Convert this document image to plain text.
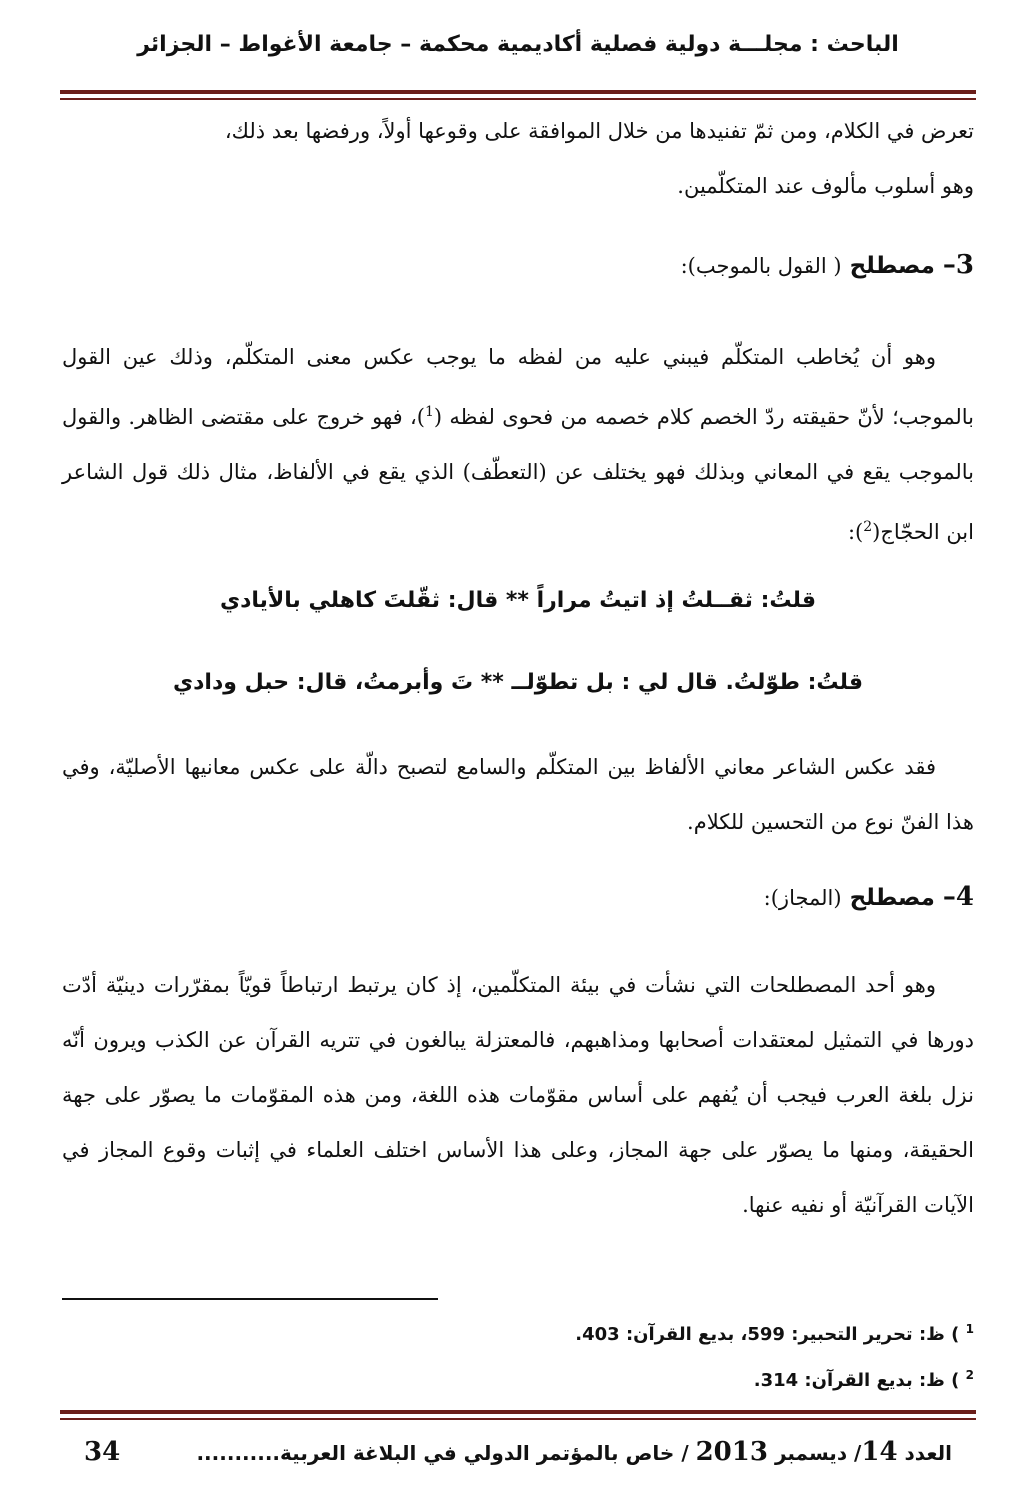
الباحث : مجلـــة دولية فصلية أكاديمية محكمة – جامعة الأغواط – الجزائر
تعرض في الكلام، ومن ثمّ تفنيدها من خلال الموافقة على وقوعها أولاً، ورفضها بعد ذلك،
وهو أسلوب مألوف عند المتكلّمين.
3– مصطلح ( القول بالموجب):
وهو أن يُخاطب المتكلّم فيبني عليه من لفظه ما يوجب عكس معنى المتكلّم، وذلك عين القول بالموجب؛ لأنّ حقيقته ردّ الخصم كلام خصمه من فحوى لفظه ($^1$)، فهو خروج على مقتضى الظاهر. والقول بالموجب يقع في المعاني وبذلك فهو يختلف عن (التعطّف) الذي يقع في الألفاظ، مثال ذلك قول الشاعر ابن الحجّاج($^2$):
قلتُ: ثقــلتُ إذ اتيتُ مراراً ** قال: ثقّلتَ كاهلي بالأيادي
قلتُ: طوّلتُ. قال لي : بل تطوّلــ ** تَ وأبرمتُ، قال: حبل ودادي
فقد عكس الشاعر معاني الألفاظ بين المتكلّم والسامع لتصبح دالّة على عكس معانيها الأصليّة، وفي هذا الفنّ نوع من التحسين للكلام.
4– مصطلح (المجاز):
وهو أحد المصطلحات التي نشأت في بيئة المتكلّمين، إذ كان يرتبط ارتباطاً قويّاً بمقرّرات دينيّة أدّت دورها في التمثيل لمعتقدات أصحابها ومذاهبهم، فالمعتزلة يبالغون في تتريه القرآن عن الكذب ويرون أنّه نزل بلغة العرب فيجب أن يُفهم على أساس مقوّمات هذه اللغة، ومن هذه المقوّمات ما يصوّر على جهة الحقيقة، ومنها ما يصوّر على جهة المجاز، وعلى هذا الأساس اختلف العلماء في إثبات وقوع المجاز في الآيات القرآنيّة أو نفيه عنها.
$^1$ ) ظ: تحرير التحبير: 599، بديع القرآن: 403.
$^2$ ) ظ: بديع القرآن: 314.
العدد 14/ ديسمبر 2013 / خاص بالمؤتمر الدولي في البلاغة العربية...........
34
